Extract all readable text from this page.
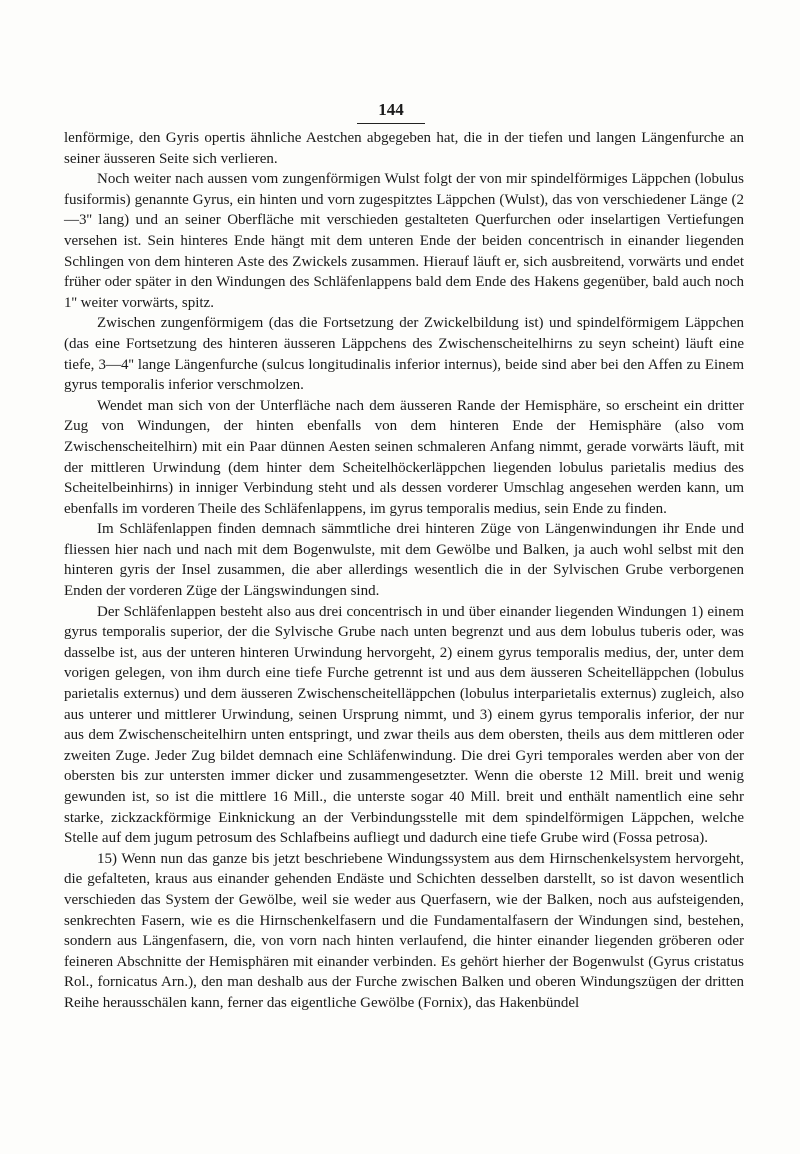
144

lenförmige, den Gyris opertis ähnliche Aestchen abgegeben hat, die in der tiefen und langen Längenfurche an seiner äusseren Seite sich verlieren.

Noch weiter nach aussen vom zungenförmigen Wulst folgt der von mir spindelförmiges Läppchen (lobulus fusiformis) genannte Gyrus, ein hinten und vorn zugespitztes Läppchen (Wulst), das von verschiedener Länge (2—3'' lang) und an seiner Oberfläche mit verschieden gestalteten Querfurchen oder inselartigen Vertiefungen versehen ist. Sein hinteres Ende hängt mit dem unteren Ende der beiden concentrisch in einander liegenden Schlingen von dem hinteren Aste des Zwickels zusammen. Hierauf läuft er, sich ausbreitend, vorwärts und endet früher oder später in den Windungen des Schläfenlappens bald dem Ende des Hakens gegenüber, bald auch noch 1'' weiter vorwärts, spitz.

Zwischen zungenförmigem (das die Fortsetzung der Zwickelbildung ist) und spindelförmigem Läppchen (das eine Fortsetzung des hinteren äusseren Läppchens des Zwischenscheitelhirns zu seyn scheint) läuft eine tiefe, 3—4'' lange Längenfurche (sulcus longitudinalis inferior internus), beide sind aber bei den Affen zu Einem gyrus temporalis inferior verschmolzen.

Wendet man sich von der Unterfläche nach dem äusseren Rande der Hemisphäre, so erscheint ein dritter Zug von Windungen, der hinten ebenfalls von dem hinteren Ende der Hemisphäre (also vom Zwischenscheitelhirn) mit ein Paar dünnen Aesten seinen schmaleren Anfang nimmt, gerade vorwärts läuft, mit der mittleren Urwindung (dem hinter dem Scheitelhöckerläppchen liegenden lobulus parietalis medius des Scheitelbeinhirns) in inniger Verbindung steht und als dessen vorderer Umschlag angesehen werden kann, um ebenfalls im vorderen Theile des Schläfenlappens, im gyrus temporalis medius, sein Ende zu finden.

Im Schläfenlappen finden demnach sämmtliche drei hinteren Züge von Längenwindungen ihr Ende und fliessen hier nach und nach mit dem Bogenwulste, mit dem Gewölbe und Balken, ja auch wohl selbst mit den hinteren gyris der Insel zusammen, die aber allerdings wesentlich die in der Sylvischen Grube verborgenen Enden der vorderen Züge der Längswindungen sind.

Der Schläfenlappen besteht also aus drei concentrisch in und über einander liegenden Windungen 1) einem gyrus temporalis superior, der die Sylvische Grube nach unten begrenzt und aus dem lobulus tuberis oder, was dasselbe ist, aus der unteren hinteren Urwindung hervorgeht, 2) einem gyrus temporalis medius, der, unter dem vorigen gelegen, von ihm durch eine tiefe Furche getrennt ist und aus dem äusseren Scheitelläppchen (lobulus parietalis externus) und dem äusseren Zwischenscheitelläppchen (lobulus interparietalis externus) zugleich, also aus unterer und mittlerer Urwindung, seinen Ursprung nimmt, und 3) einem gyrus temporalis inferior, der nur aus dem Zwischenscheitelhirn unten entspringt, und zwar theils aus dem obersten, theils aus dem mittleren oder zweiten Zuge. Jeder Zug bildet demnach eine Schläfenwindung. Die drei Gyri temporales werden aber von der obersten bis zur untersten immer dicker und zusammengesetzter. Wenn die oberste 12 Mill. breit und wenig gewunden ist, so ist die mittlere 16 Mill., die unterste sogar 40 Mill. breit und enthält namentlich eine sehr starke, zickzackförmige Einknickung an der Verbindungsstelle mit dem spindelförmigen Läppchen, welche Stelle auf dem jugum petrosum des Schlafbeins aufliegt und dadurch eine tiefe Grube wird (Fossa petrosa).

15) Wenn nun das ganze bis jetzt beschriebene Windungssystem aus dem Hirnschenkelsystem hervorgeht, die gefalteten, kraus aus einander gehenden Endäste und Schichten desselben darstellt, so ist davon wesentlich verschieden das System der Gewölbe, weil sie weder aus Querfasern, wie der Balken, noch aus aufsteigenden, senkrechten Fasern, wie es die Hirnschenkelfasern und die Fundamentalfasern der Windungen sind, bestehen, sondern aus Längenfasern, die, von vorn nach hinten verlaufend, die hinter einander liegenden gröberen oder feineren Abschnitte der Hemisphären mit einander verbinden. Es gehört hierher der Bogenwulst (Gyrus cristatus Rol., fornicatus Arn.), den man deshalb aus der Furche zwischen Balken und oberen Windungszügen der dritten Reihe herausschälen kann, ferner das eigentliche Gewölbe (Fornix), das Hakenbündel
